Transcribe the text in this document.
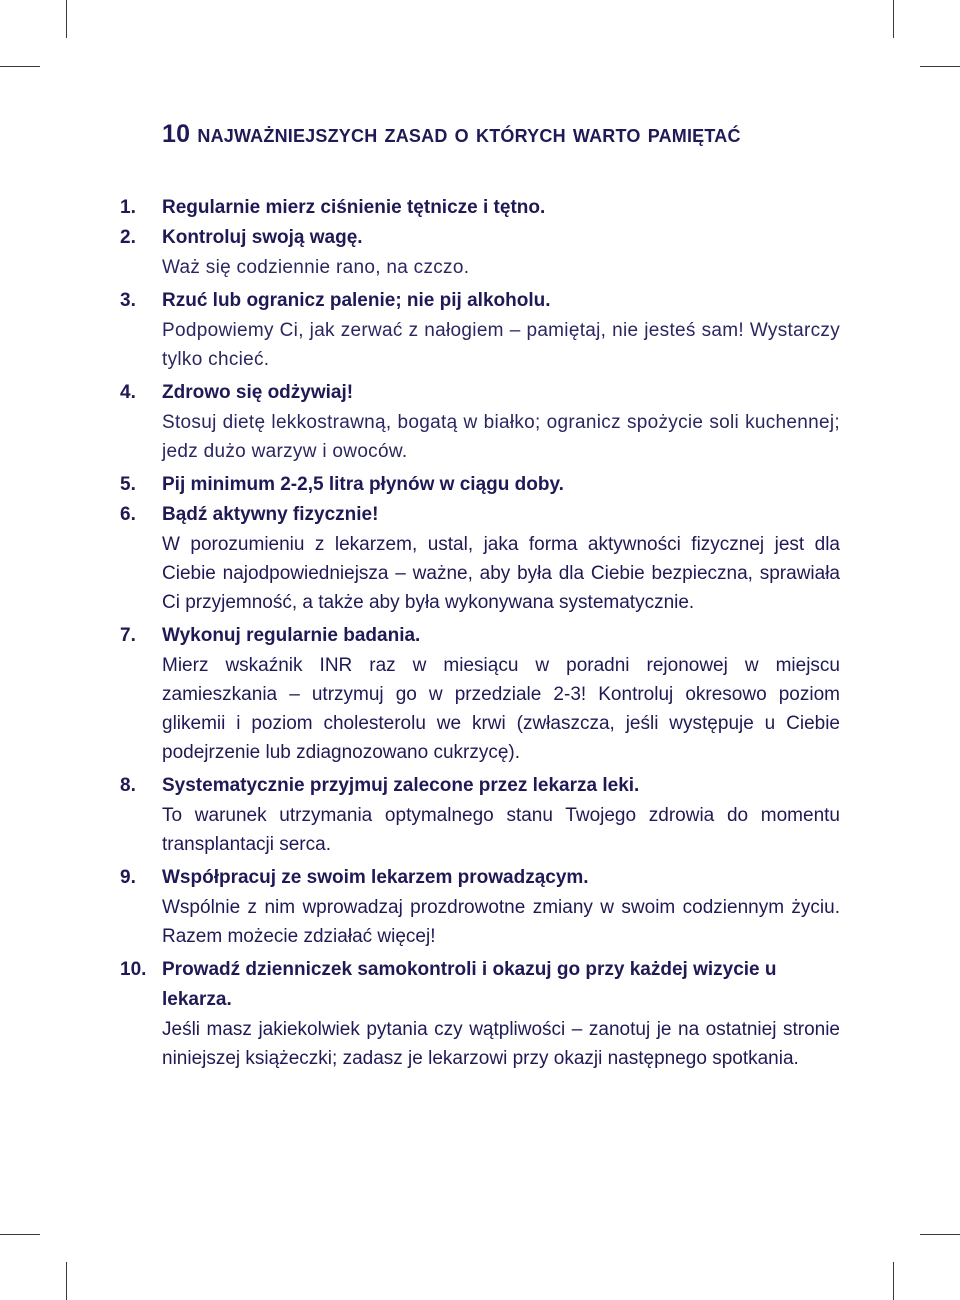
10 najważniejszych zasad o których warto pamiętać
1.	Regularnie mierz ciśnienie tętnicze i tętno.
2.	Kontroluj swoją wagę.
Waż się codziennie rano, na czczo.
3.	Rzuć lub ogranicz palenie; nie pij alkoholu.
Podpowiemy Ci, jak zerwać z nałogiem – pamiętaj, nie jesteś sam! Wystarczy tylko chcieć.
4.	Zdrowo się odżywiaj!
Stosuj dietę lekkostrawną, bogatą w białko; ogranicz spożycie soli kuchennej; jedz dużo warzyw i owoców.
5.	Pij minimum 2-2,5 litra płynów w ciągu doby.
6.	Bądź aktywny fizycznie!
W porozumieniu z lekarzem, ustal, jaka forma aktywności fizycznej jest dla Ciebie najodpowiedniejsza – ważne, aby była dla Ciebie bezpieczna, sprawiała Ci przyjemność, a także aby była wykonywana systematycznie.
7.	Wykonuj regularnie badania.
Mierz wskaźnik INR raz w miesiącu w poradni rejonowej w miejscu zamieszkania – utrzymuj go w przedziale 2-3! Kontroluj okresowo poziom glikemii i poziom cholesterolu we krwi (zwłaszcza, jeśli występuje u Ciebie podejrzenie lub zdiagnozowano cukrzycę).
8.	Systematycznie przyjmuj zalecone przez lekarza leki.
To warunek utrzymania optymalnego stanu Twojego zdrowia do momentu transplantacji serca.
9.	Współpracuj ze swoim lekarzem prowadzącym.
Wspólnie z nim wprowadzaj prozdrowotne zmiany w swoim codziennym życiu. Razem możecie zdziałać więcej!
10. Prowadź dzienniczek samokontroli i okazuj go przy każdej wizycie u lekarza.
Jeśli masz jakiekolwiek pytania czy wątpliwości – zanotuj je na ostatniej stronie niniejszej książeczki; zadasz je lekarzowi przy okazji następnego spotkania.
